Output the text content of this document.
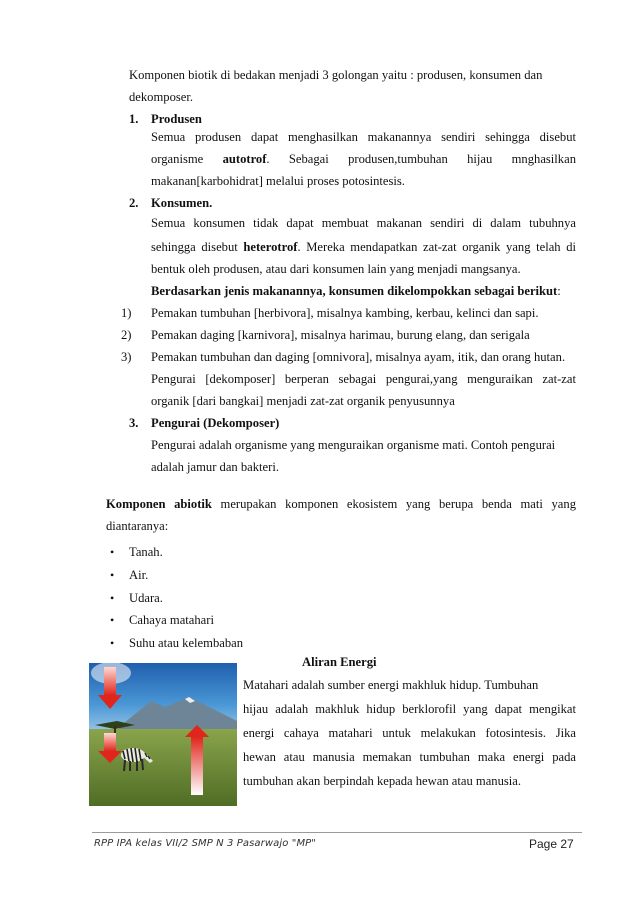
Komponen biotik di bedakan menjadi 3 golongan yaitu : produsen, konsumen dan
dekomposer.
1. Produsen
Semua produsen dapat menghasilkan makanannya sendiri sehingga disebut
organisme autotrof. Sebagai produsen,tumbuhan hijau mnghasilkan
makanan[karbohidrat] melalui proses potosintesis.
2. Konsumen.
Semua konsumen tidak dapat membuat makanan sendiri di dalam tubuhnya
sehingga disebut heterotrof. Mereka mendapatkan zat-zat organik yang telah di
bentuk oleh produsen, atau dari konsumen lain yang menjadi mangsanya.
Berdasarkan jenis makanannya, konsumen dikelompokkan sebagai berikut:
1) Pemakan tumbuhan [herbivora], misalnya kambing, kerbau, kelinci dan sapi.
2) Pemakan daging [karnivora], misalnya harimau, burung elang, dan serigala
3) Pemakan tumbuhan dan daging [omnivora], misalnya ayam, itik, dan orang hutan.
Pengurai [dekomposer] berperan sebagai pengurai,yang menguraikan zat-zat
organik [dari bangkai] menjadi zat-zat organik penyusunnya
3. Pengurai (Dekomposer)
Pengurai adalah organisme yang menguraikan organisme mati. Contoh pengurai
adalah jamur dan bakteri.
Komponen abiotik merupakan komponen ekosistem yang berupa benda mati yang
diantaranya:
• Tanah.
• Air.
• Udara.
• Cahaya matahari
• Suhu atau kelembaban
Aliran Energi
Matahari adalah sumber energi makhluk hidup. Tumbuhan
hijau adalah makhluk hidup berklorofil yang dapat mengikat
energi cahaya matahari untuk melakukan fotosintesis. Jika
hewan atau manusia memakan tumbuhan maka energi pada
tumbuhan akan berpindah kepada hewan atau manusia.
RPP IPA kelas VII/2 SMP N 3 Pasarwajo "MP"	Page 27
